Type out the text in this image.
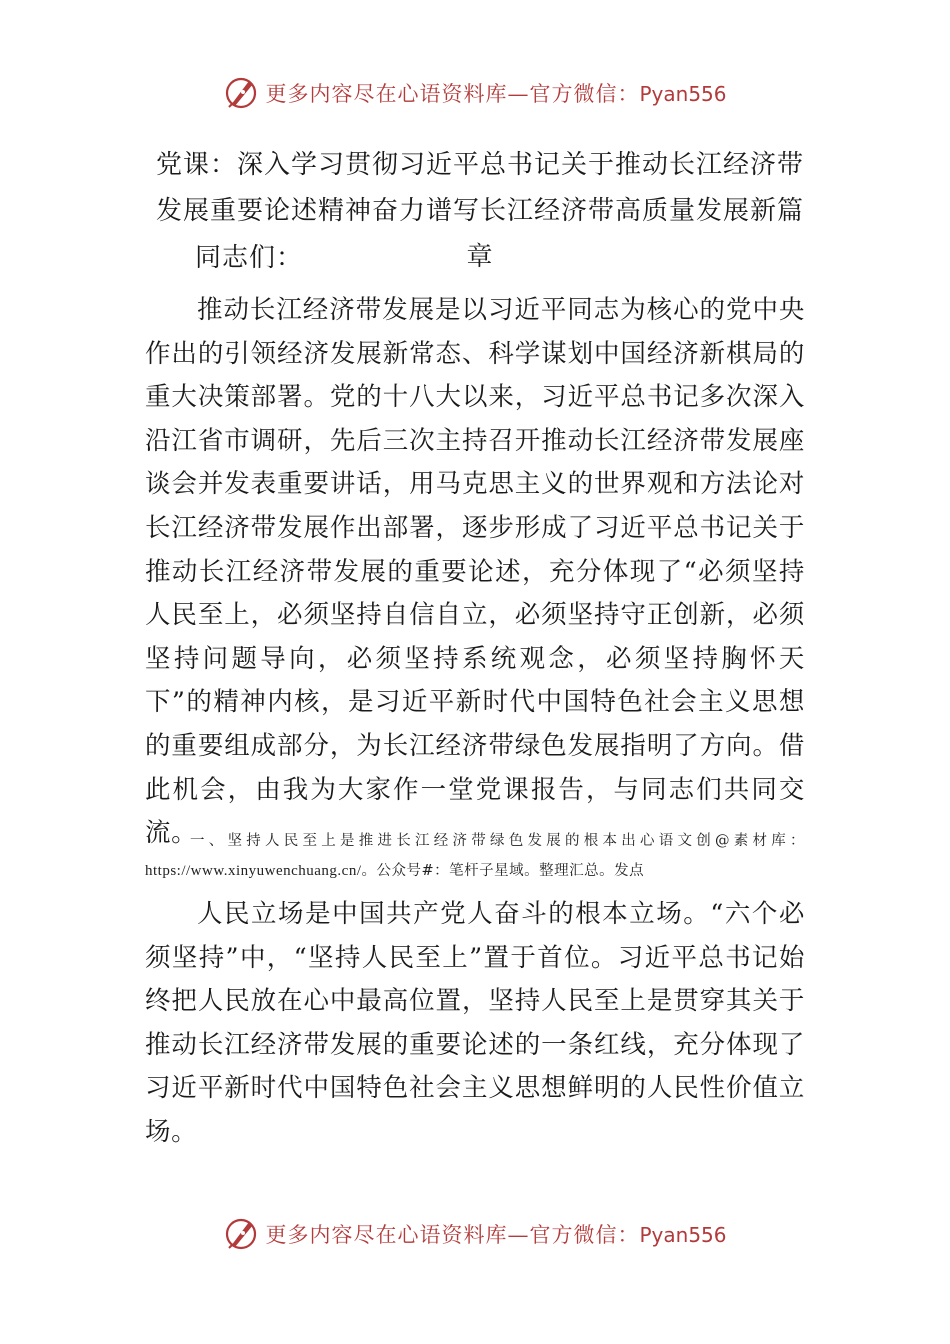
更多内容尽在心语资料库—官方微信：Pyan556
党课：深入学习贯彻习近平总书记关于推动长江经济带发展重要论述精神奋力谱写长江经济带高质量发展新篇章
同志们：

推动长江经济带发展是以习近平同志为核心的党中央作出的引领经济发展新常态、科学谋划中国经济新棋局的重大决策部署。党的十八大以来，习近平总书记多次深入沿江省市调研，先后三次主持召开推动长江经济带发展座谈会并发表重要讲话，用马克思主义的世界观和方法论对长江经济带发展作出部署，逐步形成了习近平总书记关于推动长江经济带发展的重要论述，充分体现了“必须坚持人民至上，必须坚持自信自立，必须坚持守正创新，必须坚持问题导向，必须坚持系统观念，必须坚持胸怀天下”的精神内核，是习近平新时代中国特色社会主义思想的重要组成部分，为长江经济带绿色发展指明了方向。借此机会，由我为大家作一堂党课报告，与同志们共同交流。

一、坚持人民至上是推进长江经济带绿色发展的根本出心语文创@素材库：https://www.xinyuwenchuang.cn/。公众号#：笔杆子星域。整理汇总。发点

人民立场是中国共产党人奋斗的根本立场。“六个必须坚持”中，“坚持人民至上”置于首位。习近平总书记始终把人民放在心中最高位置，坚持人民至上是贯穿其关于推动长江经济带发展的重要论述的一条红线，充分体现了习近平新时代中国特色社会主义思想鲜明的人民性价值立场。

更多内容尽在心语资料库—官方微信：Pyan556
